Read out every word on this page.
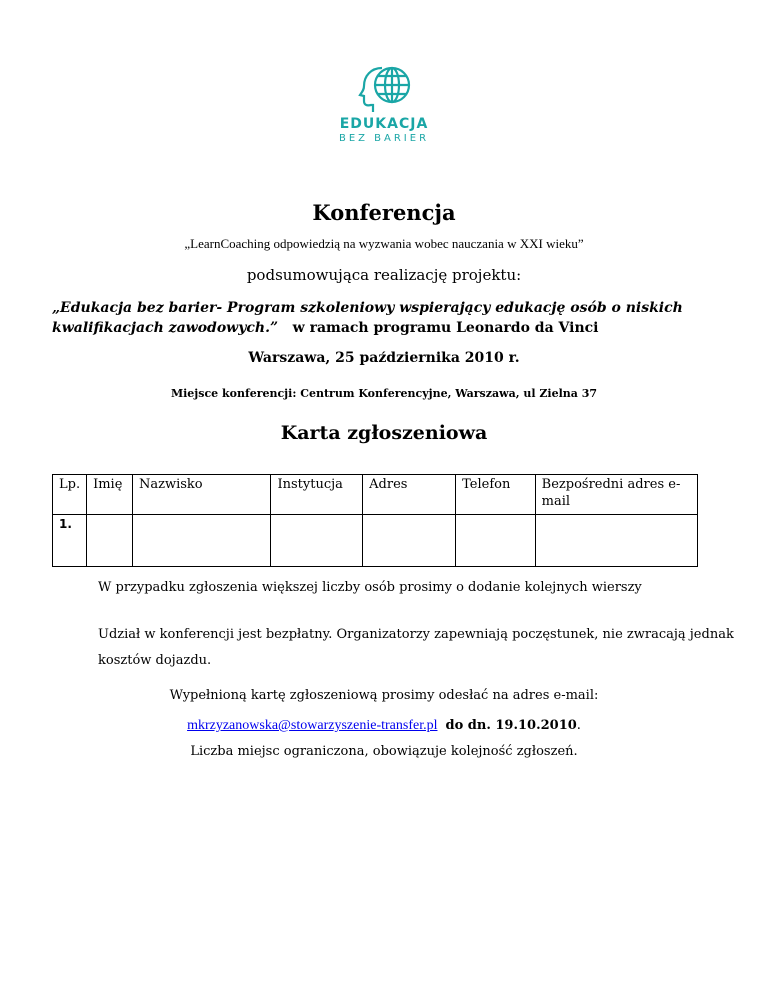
EDUKACJA
BEZ BARIER
Konferencja
„LearnCoaching odpowiedzią na wyzwania wobec nauczania w XXI wieku”
podsumowująca realizację projektu:
„Edukacja bez barier- Program szkoleniowy wspierający edukację osób o niskich kwalifikacjach zawodowych.” w ramach programu Leonardo da Vinci
Warszawa, 25 października 2010 r.
Miejsce konferencji: Centrum Konferencyjne, Warszawa, ul Zielna 37
Karta zgłoszeniowa
Lp.	Imię	Nazwisko	Instytucja	Adres	Telefon	Bezpośredni adres e-mail
1.						
W przypadku zgłoszenia większej liczby osób prosimy o dodanie kolejnych wierszy
Udział w konferencji jest bezpłatny. Organizatorzy zapewniają poczęstunek, nie zwracają jednak kosztów dojazdu.
Wypełnioną kartę zgłoszeniową prosimy odesłać na adres e-mail:
mkrzyzanowska@stowarzyszenie-transfer.pl do dn. 19.10.2010.
Liczba miejsc ograniczona, obowiązuje kolejność zgłoszeń.
